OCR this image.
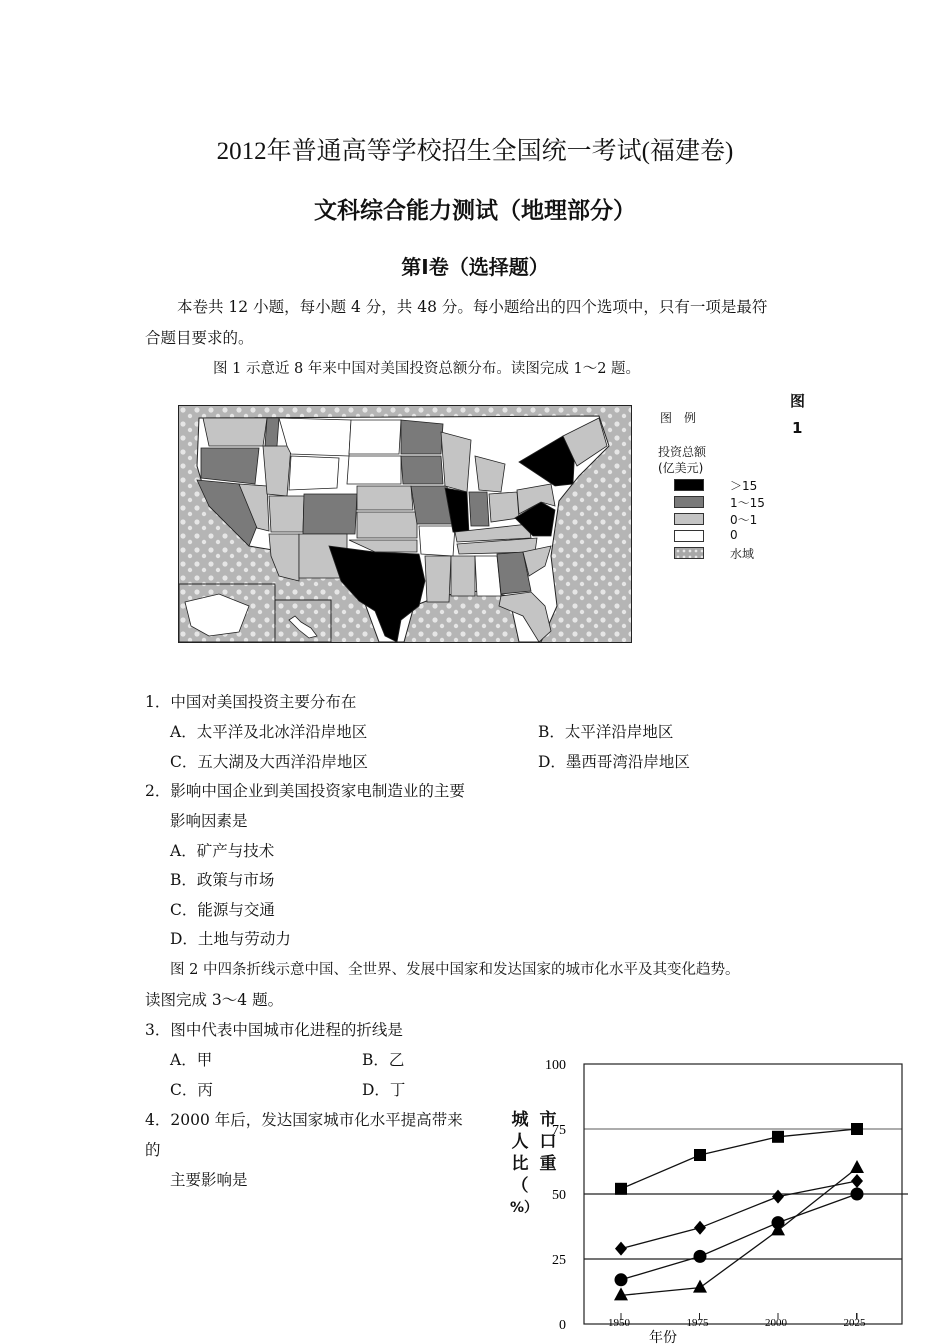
2012年普通高等学校招生全国统一考试(福建卷)
文科综合能力测试（地理部分）
第Ⅰ卷（选择题）
本卷共 12 小题，每小题 4 分，共 48 分。每小题给出的四个选项中，只有一项是最符
合题目要求的。
图 1 示意近 8 年来中国对美国投资总额分布。读图完成 1～2 题。
图
1
图　例
投资总额
(亿美元)
＞15
1～15
0～1
0
水域
1．中国对美国投资主要分布在
A．太平洋及北冰洋沿岸地区	B．太平洋沿岸地区
C．五大湖及大西洋沿岸地区	D．墨西哥湾沿岸地区
2．影响中国企业到美国投资家电制造业的主要
影响因素是
A．矿产与技术
B．政策与市场
C．能源与交通
D．土地与劳动力
图 2 中四条折线示意中国、全世界、发展中国家和发达国家的城市化水平及其变化趋势。
读图完成 3～4 题。
3．图中代表中国城市化进程的折线是
A．甲	B．乙
C．丙	D．丁
4．2000 年后，发达国家城市化水平提高带来
的
主要影响是
城
人
比
（
%）
市
口
重
0
25
50
75
100
1950	1975	2000	2025
年份
